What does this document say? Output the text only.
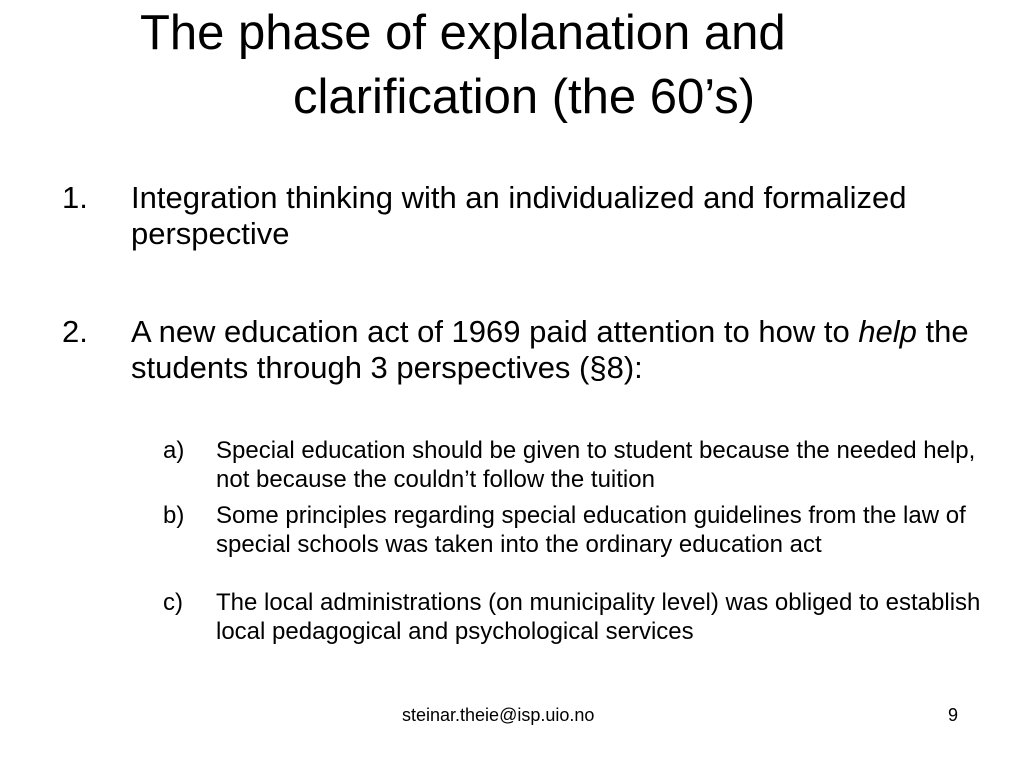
The phase of explanation and
clarification (the 60’s)
1. Integration thinking with an individualized and formalized perspective
2. A new education act of 1969 paid attention to how to help the students through 3 perspectives (§8):
a) Special education should be given to student because the needed help, not because the couldn’t follow the tuition
b) Some principles regarding special education guidelines from the law of special schools was taken into the ordinary education act
c) The local administrations (on municipality level) was obliged to establish local pedagogical and psychological services
steinar.theie@isp.uio.no	9
